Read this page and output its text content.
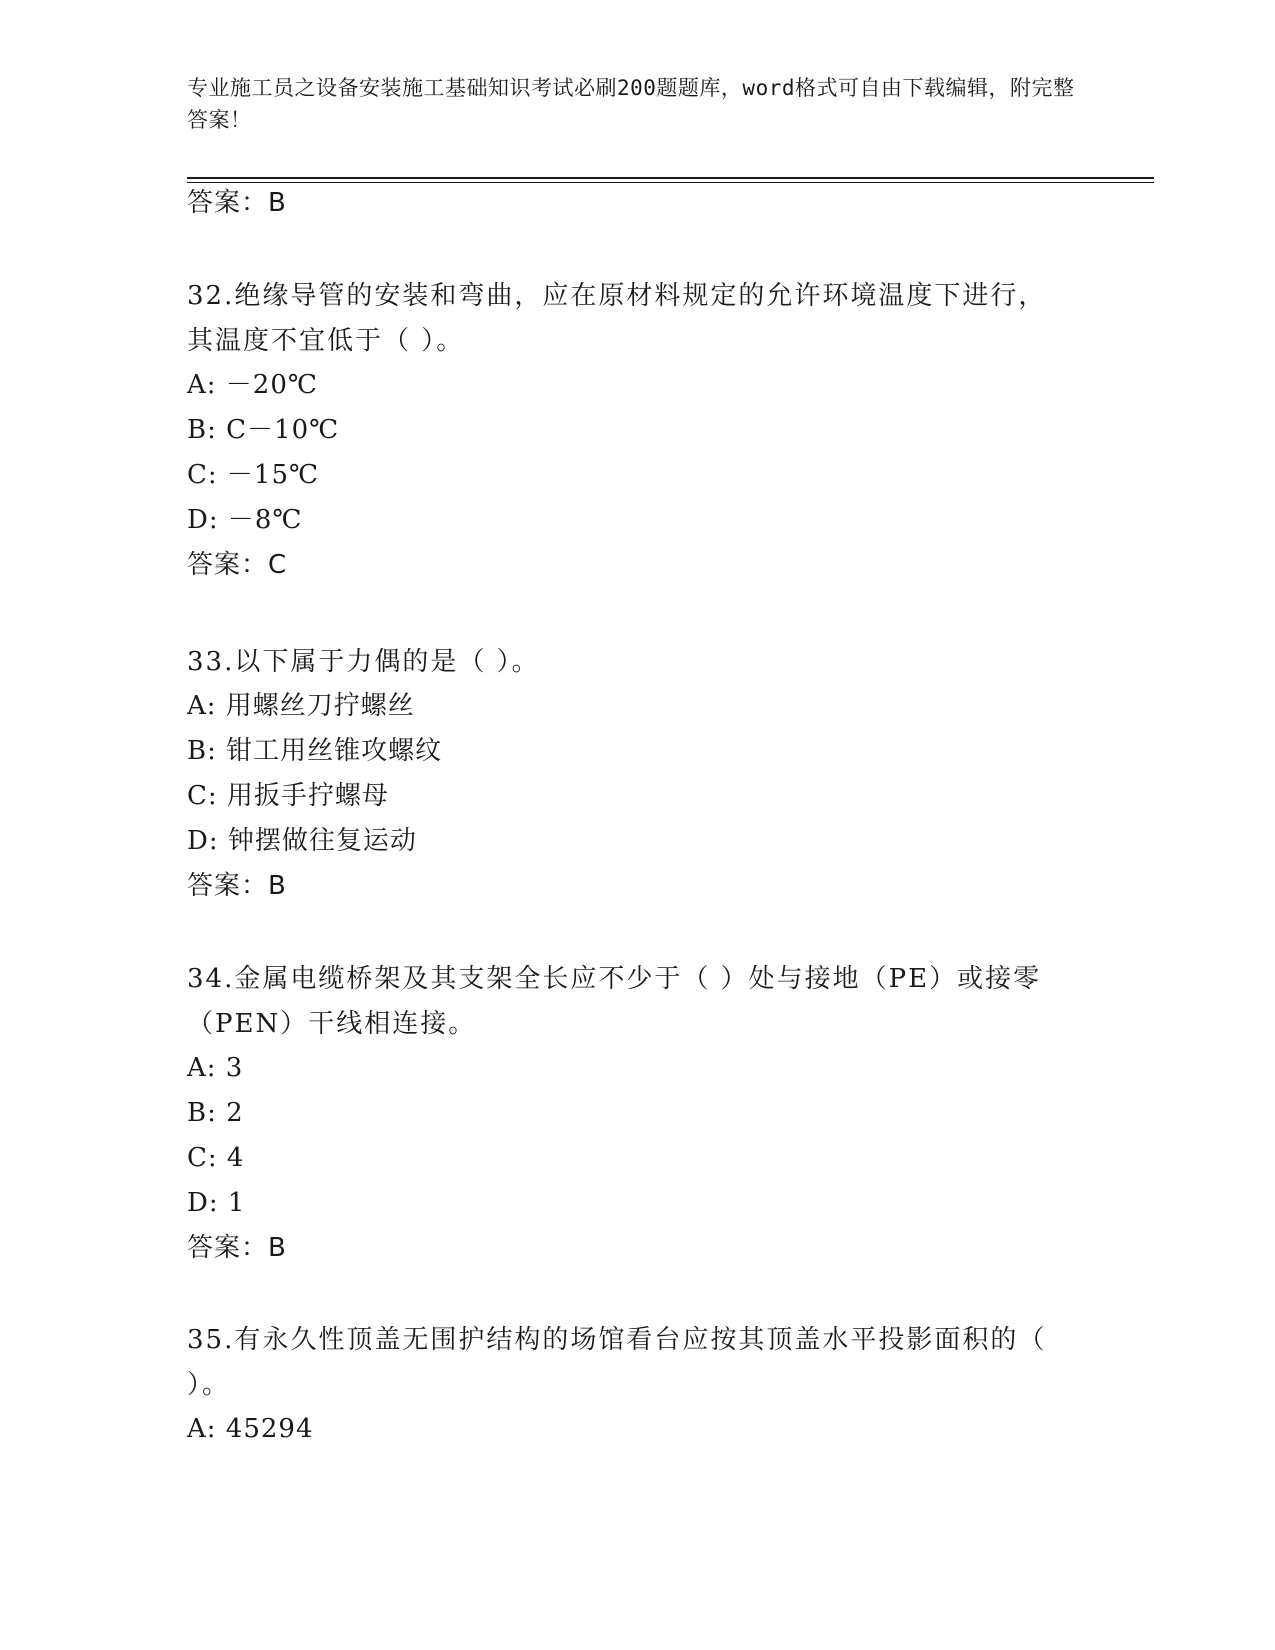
专业施工员之设备安装施工基础知识考试必刷200题题库，word格式可自由下载编辑，附完整答案！
答案：B
32.绝缘导管的安装和弯曲，应在原材料规定的允许环境温度下进行，其温度不宜低于（ ）。
A: －20℃
B: C－10℃
C: －15℃
D: －8℃
答案：C
33.以下属于力偶的是（ ）。
A: 用螺丝刀拧螺丝
B: 钳工用丝锥攻螺纹
C: 用扳手拧螺母
D: 钟摆做往复运动
答案：B
34.金属电缆桥架及其支架全长应不少于（ ）处与接地（PE）或接零（PEN）干线相连接。
A: 3
B: 2
C: 4
D: 1
答案：B
35.有永久性顶盖无围护结构的场馆看台应按其顶盖水平投影面积的（ ）。
A: 45294
